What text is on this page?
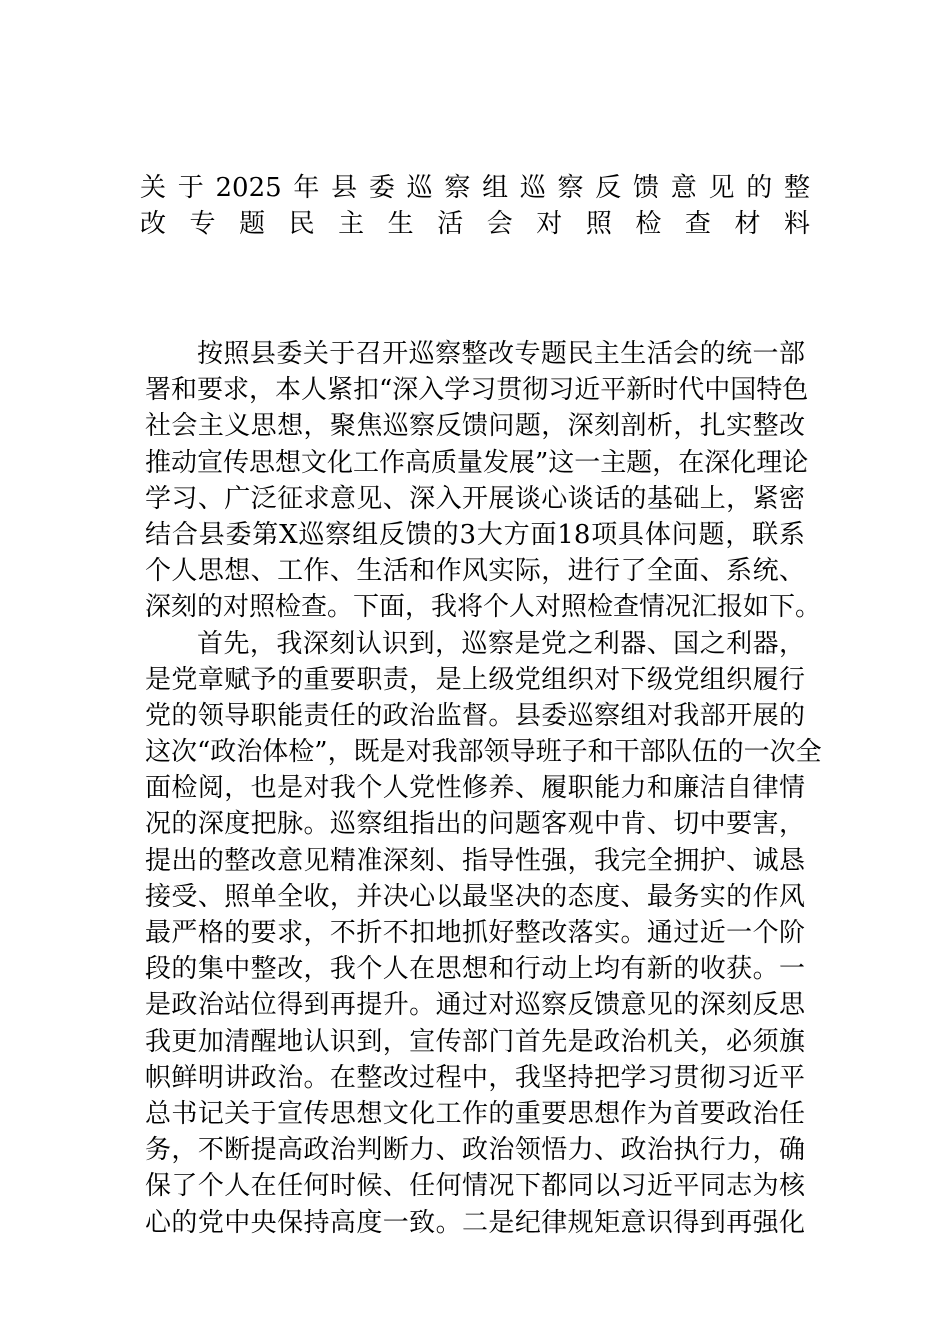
关于2025年县委巡察组巡察反馈意见的整
改专题民主生活会对照检查材料
按照县委关于召开巡察整改专题民主生活会的统一部
署和要求，本人紧扣“深入学习贯彻习近平新时代中国特色
社会主义思想，聚焦巡察反馈问题，深刻剖析，扎实整改
推动宣传思想文化工作高质量发展”这一主题，在深化理论
学习、广泛征求意见、深入开展谈心谈话的基础上，紧密
结合县委第X巡察组反馈的3大方面18项具体问题，联系
个人思想、工作、生活和作风实际，进行了全面、系统、
深刻的对照检查。下面，我将个人对照检查情况汇报如下。
首先，我深刻认识到，巡察是党之利器、国之利器，
是党章赋予的重要职责，是上级党组织对下级党组织履行
党的领导职能责任的政治监督。县委巡察组对我部开展的
这次“政治体检”，既是对我部领导班子和干部队伍的一次全
面检阅，也是对我个人党性修养、履职能力和廉洁自律情
况的深度把脉。巡察组指出的问题客观中肯、切中要害，
提出的整改意见精准深刻、指导性强，我完全拥护、诚恳
接受、照单全收，并决心以最坚决的态度、最务实的作风
最严格的要求，不折不扣地抓好整改落实。通过近一个阶
段的集中整改，我个人在思想和行动上均有新的收获。一
是政治站位得到再提升。通过对巡察反馈意见的深刻反思
我更加清醒地认识到，宣传部门首先是政治机关，必须旗
帜鲜明讲政治。在整改过程中，我坚持把学习贯彻习近平
总书记关于宣传思想文化工作的重要思想作为首要政治任
务，不断提高政治判断力、政治领悟力、政治执行力，确
保了个人在任何时候、任何情况下都同以习近平同志为核
心的党中央保持高度一致。二是纪律规矩意识得到再强化
